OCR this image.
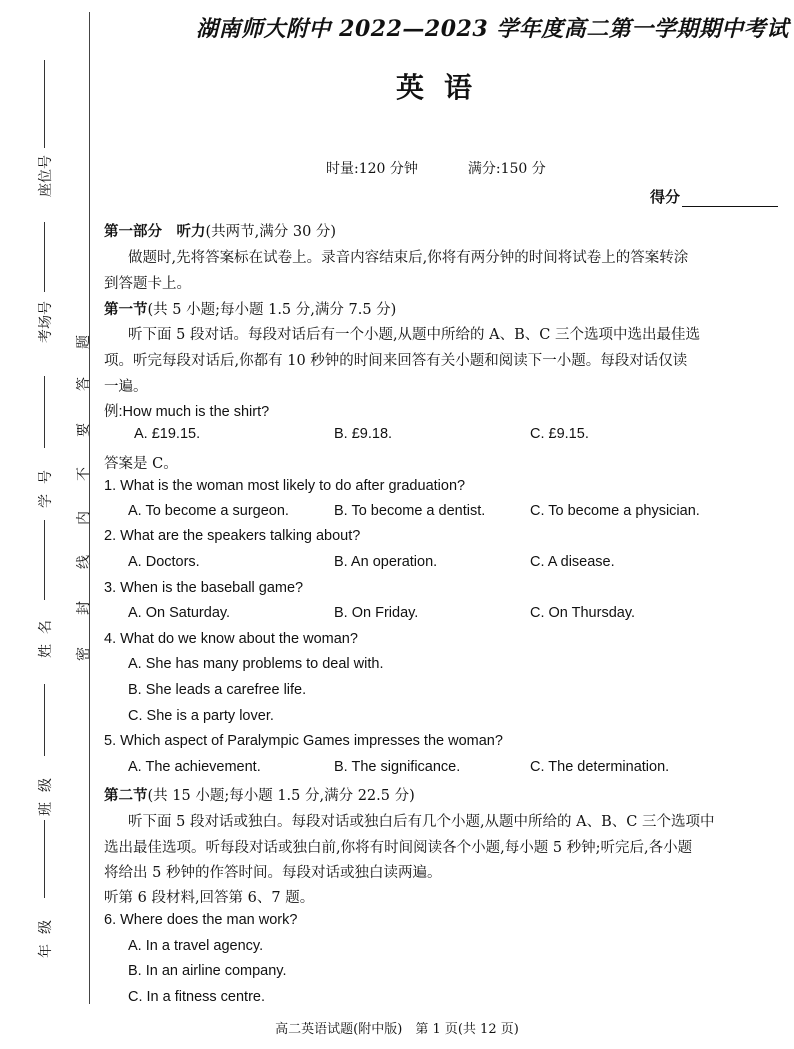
座位号
考场号
学号
姓名
班级
年级
题
答
要
不
内
线
封
密
湖南师大附中 2022—2023 学年度高二第一学期期中考试
英语
时量:120 分钟	满分:150 分
得分
第一部分　听力(共两节,满分 30 分)
做题时,先将答案标在试卷上。录音内容结束后,你将有两分钟的时间将试卷上的答案转涂
到答题卡上。
第一节(共 5 小题;每小题 1.5 分,满分 7.5 分)
听下面 5 段对话。每段对话后有一个小题,从题中所给的 A、B、C 三个选项中选出最佳选
项。听完每段对话后,你都有 10 秒钟的时间来回答有关小题和阅读下一小题。每段对话仅读
一遍。
例:How much is the shirt?
A. £19.15.	B. £9.18.	C. £9.15.
答案是 C。
1. What is the woman most likely to do after graduation?
A. To become a surgeon.	B. To become a dentist.	C. To become a physician.
2. What are the speakers talking about?
A. Doctors.	B. An operation.	C. A disease.
3. When is the baseball game?
A. On Saturday.	B. On Friday.	C. On Thursday.
4. What do we know about the woman?
A. She has many problems to deal with.
B. She leads a carefree life.
C. She is a party lover.
5. Which aspect of Paralympic Games impresses the woman?
A. The achievement.	B. The significance.	C. The determination.
第二节(共 15 小题;每小题 1.5 分,满分 22.5 分)
听下面 5 段对话或独白。每段对话或独白后有几个小题,从题中所给的 A、B、C 三个选项中
选出最佳选项。听每段对话或独白前,你将有时间阅读各个小题,每小题 5 秒钟;听完后,各小题
将给出 5 秒钟的作答时间。每段对话或独白读两遍。
听第 6 段材料,回答第 6、7 题。
6. Where does the man work?
A. In a travel agency.
B. In an airline company.
C. In a fitness centre.
高二英语试题(附中版)　第 1 页(共 12 页)
